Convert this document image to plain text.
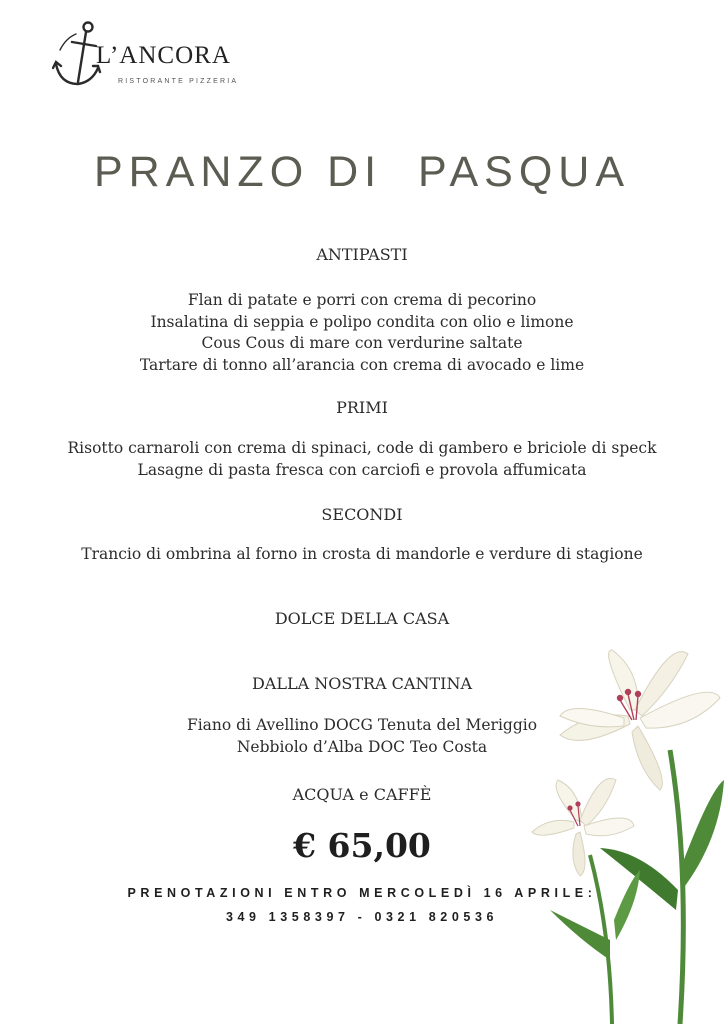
L’ANCORA
RISTORANTE PIZZERIA
PRANZO DI  PASQUA
ANTIPASTI
Flan di patate e porri con crema di pecorino
Insalatina di seppia e polipo condita con olio e limone
Cous Cous di mare con verdurine saltate
Tartare di tonno all’arancia con crema di avocado e lime
PRIMI
Risotto carnaroli con crema di spinaci, code di gambero e briciole di speck
Lasagne di pasta fresca con carciofi e provola affumicata
SECONDI
Trancio di ombrina al forno in crosta di mandorle e verdure di stagione
DOLCE DELLA CASA
DALLA NOSTRA CANTINA
Fiano di Avellino DOCG Tenuta del Meriggio
Nebbiolo d’Alba DOC Teo Costa
ACQUA e CAFFÈ
€ 65,00
PRENOTAZIONI ENTRO MERCOLEDÌ 16 APRILE:
349 1358397 - 0321 820536
